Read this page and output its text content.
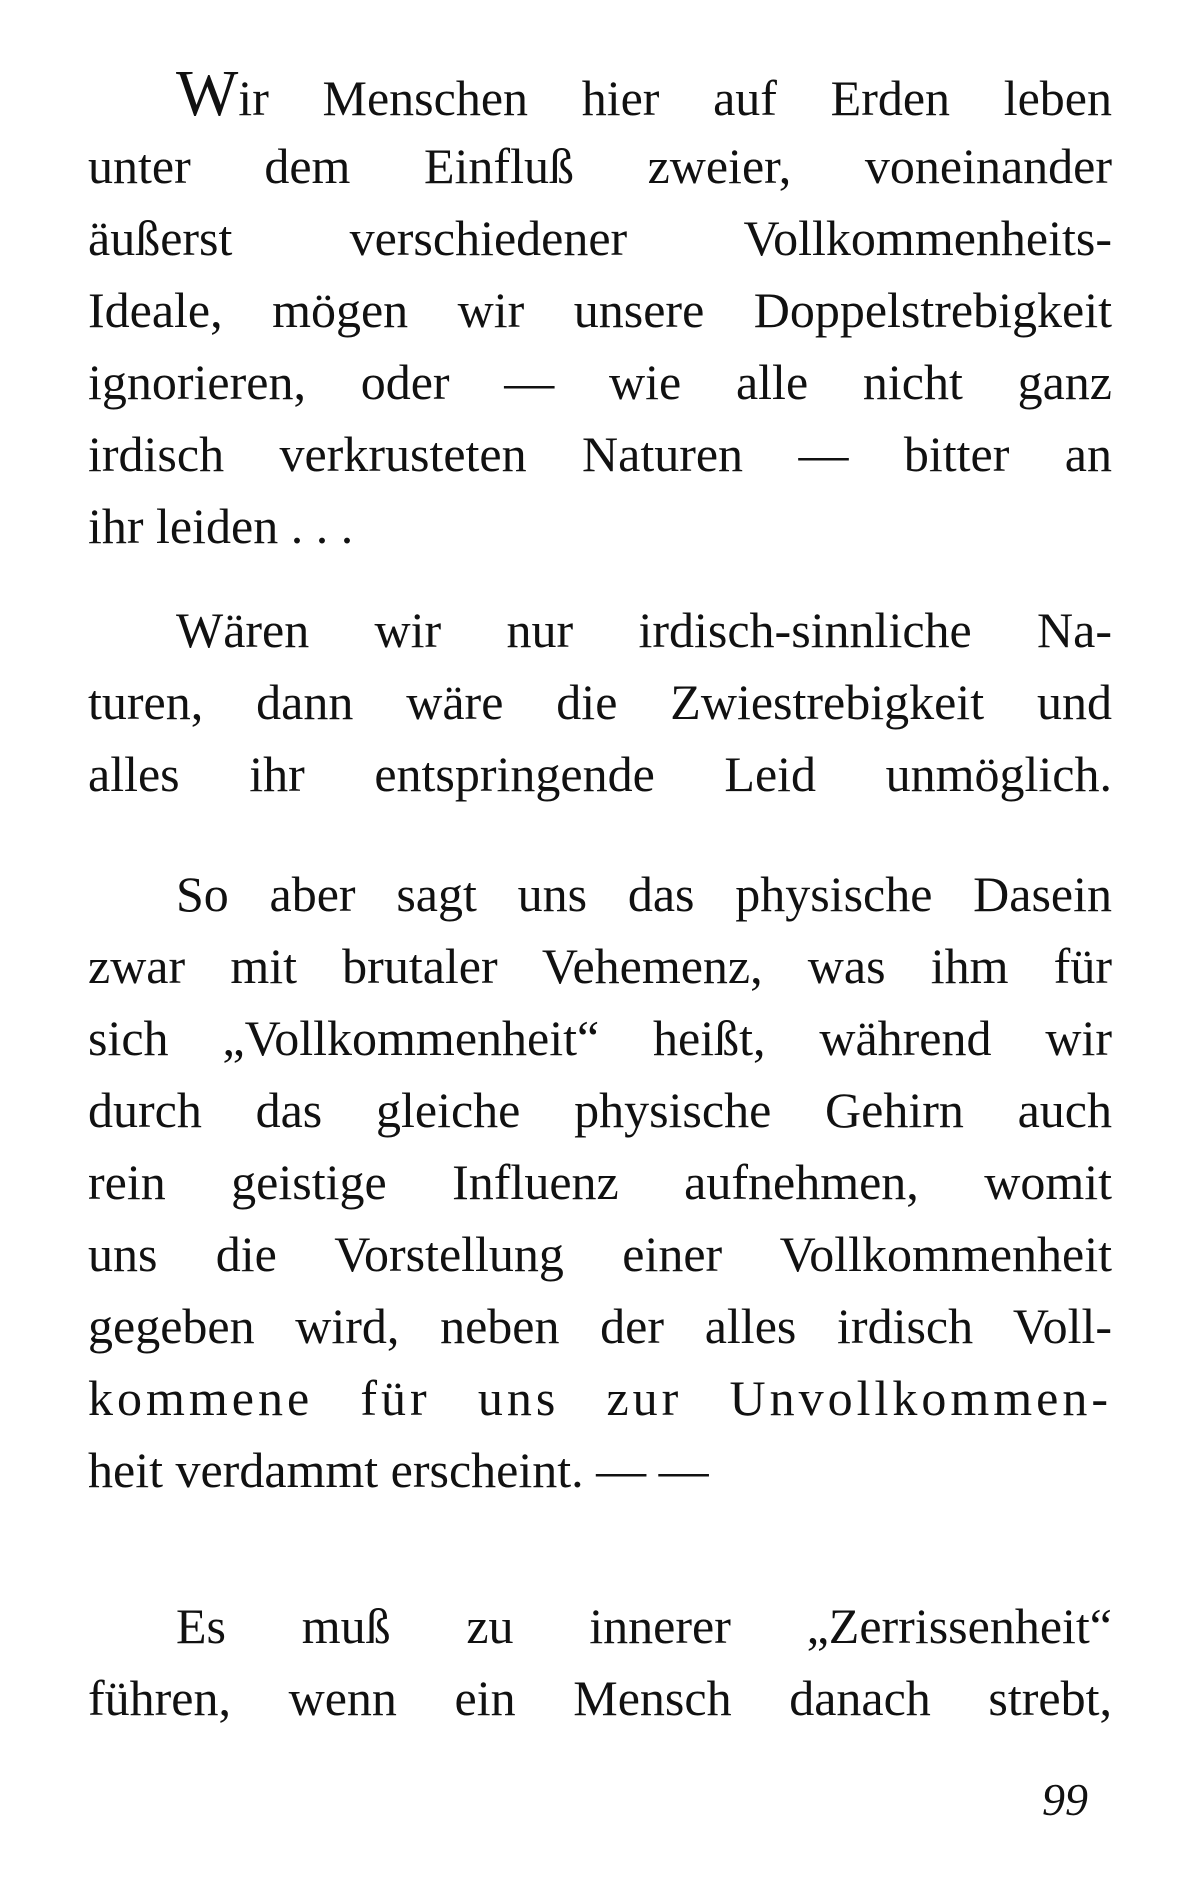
Wir Menschen hier auf Erden leben
unter dem Einfluß zweier, voneinander
äußerst verschiedener Vollkommenheits-
Ideale, mögen wir unsere Doppelstrebigkeit
ignorieren, oder — wie alle nicht ganz
irdisch verkrusteten Naturen — bitter an
ihr leiden . . .
Wären wir nur irdisch-sinnliche Na-
turen, dann wäre die Zwiestrebigkeit und
alles ihr entspringende Leid unmöglich.
So aber sagt uns das physische Dasein
zwar mit brutaler Vehemenz, was ihm für
sich „Vollkommenheit“ heißt, während wir
durch das gleiche physische Gehirn auch
rein geistige Influenz aufnehmen, womit
uns die Vorstellung einer Vollkommenheit
gegeben wird, neben der alles irdisch Voll-
kommene für uns zur Unvollkommen-
heit verdammt erscheint. — —
Es muß zu innerer „Zerrissenheit“
führen, wenn ein Mensch danach strebt,
99
